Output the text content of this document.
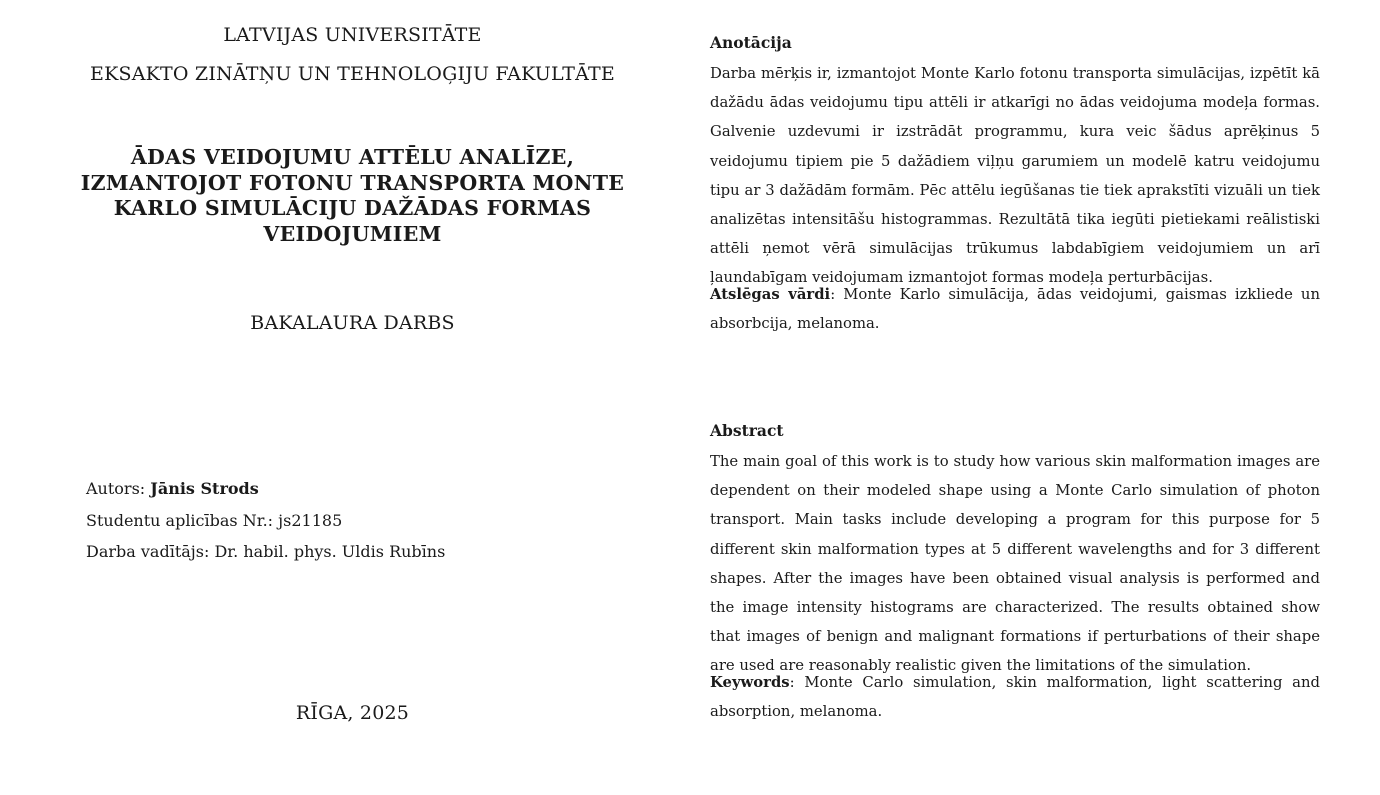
LATVIJAS UNIVERSITĀTE
EKSAKTO ZINĀTŅU UN TEHNOLOĢIJU FAKULTĀTE
ĀDAS VEIDOJUMU ATTĒLU ANALĪZE, IZMANTOJOT FOTONU TRANSPORTA MONTE KARLO SIMULĀCIJU DAŽĀDAS FORMAS VEIDOJUMIEM
BAKALAURA DARBS
Autors: Jānis Strods
Studentu aplicības Nr.: js21185
Darba vadītājs: Dr. habil. phys. Uldis Rubīns
RĪGA, 2025
Anotācija

Darba mērķis ir, izmantojot Monte Karlo fotonu transporta simulācijas, izpētīt kā dažādu ādas veidojumu tipu attēli ir atkarīgi no ādas veidojuma modeļa formas. Galvenie uzdevumi ir izstrādāt programmu, kura veic šādus aprēķinus 5 veidojumu tipiem pie 5 dažādiem viļņu garumiem un modelē katru veidojumu tipu ar 3 dažādām formām. Pēc attēlu iegūšanas tie tiek aprakstīti vizuāli un tiek analizētas intensitāšu histogrammas. Rezultātā tika iegūti pietiekami reālistiski attēli ņemot vērā simulācijas trūkumus labdabīgiem veidojumiem un arī ļaundabīgam veidojumam izmantojot formas modeļa perturbācijas.

Atslēgas vārdi: Monte Karlo simulācija, ādas veidojumi, gaismas izkliede un absorbcija, melanoma.

Abstract

The main goal of this work is to study how various skin malformation images are dependent on their modeled shape using a Monte Carlo simulation of photon transport. Main tasks include developing a program for this purpose for 5 different skin malformation types at 5 different wavelengths and for 3 different shapes. After the images have been obtained visual analysis is performed and the image intensity histograms are characterized. The results obtained show that images of benign and malignant formations if perturbations of their shape are used are reasonably realistic given the limitations of the simulation.

Keywords: Monte Carlo simulation, skin malformation, light scattering and absorption, melanoma.
